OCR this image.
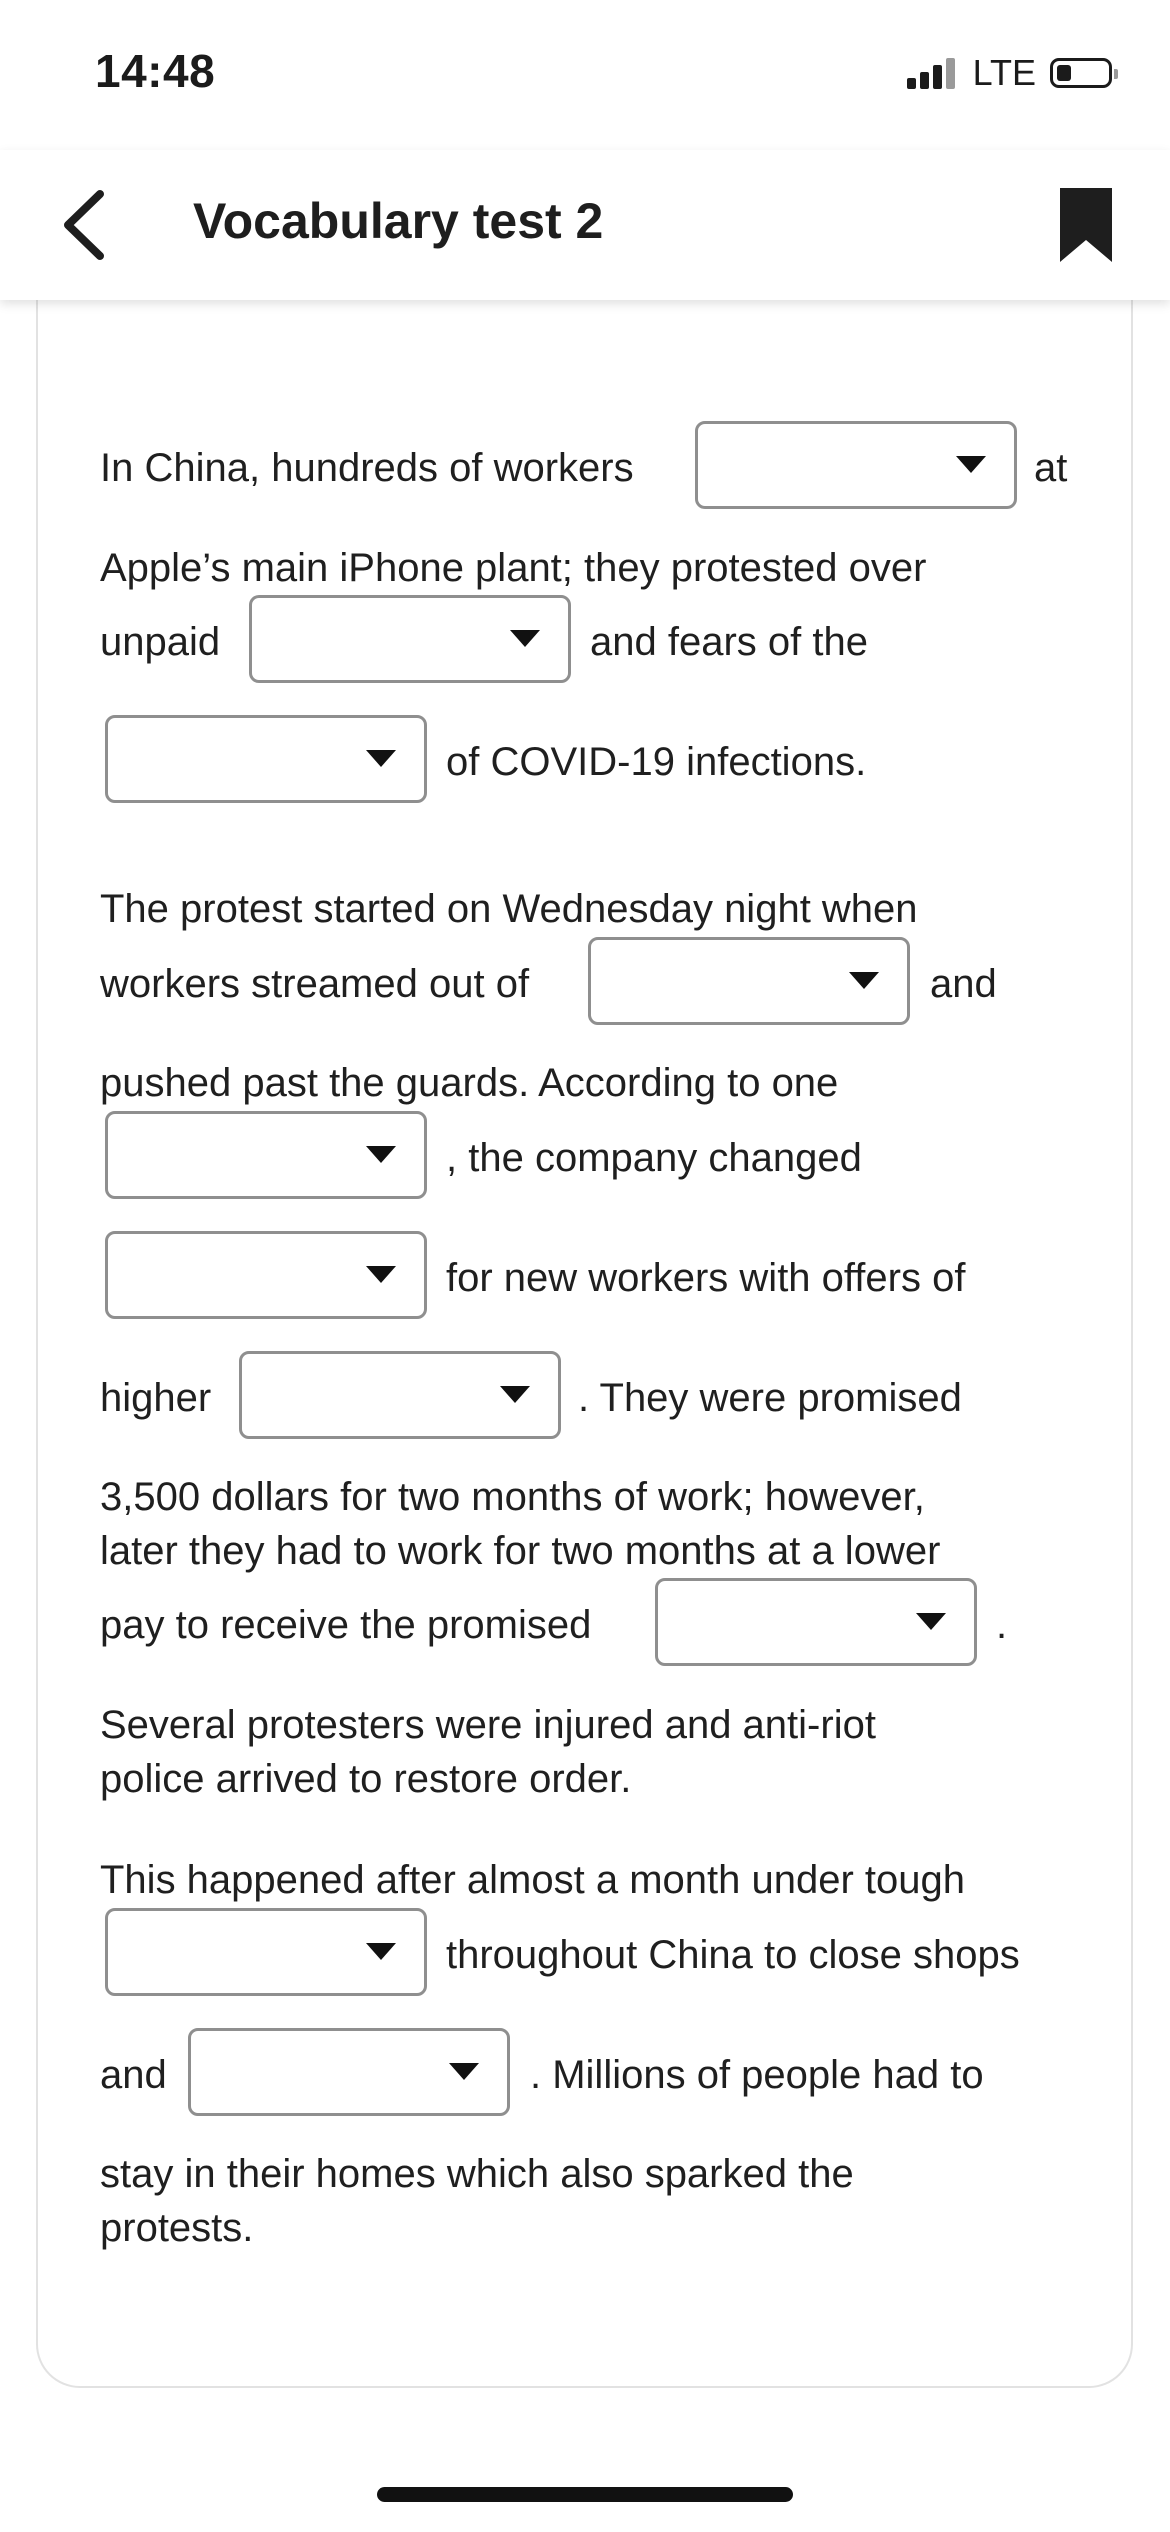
14:48	LTE
Vocabulary test 2
In China, hundreds of workers	at
Apple’s main iPhone plant; they protested over
unpaid	and fears of the
of COVID-19 infections.
The protest started on Wednesday night when
workers streamed out of	and
pushed past the guards. According to one
, the company changed
for new workers with offers of
higher	. They were promised
3,500 dollars for two months of work; however,
later they had to work for two months at a lower
pay to receive the promised	.
Several protesters were injured and anti-riot
police arrived to restore order.
This happened after almost a month under tough
throughout China to close shops
and	. Millions of people had to
stay in their homes which also sparked the
protests.
